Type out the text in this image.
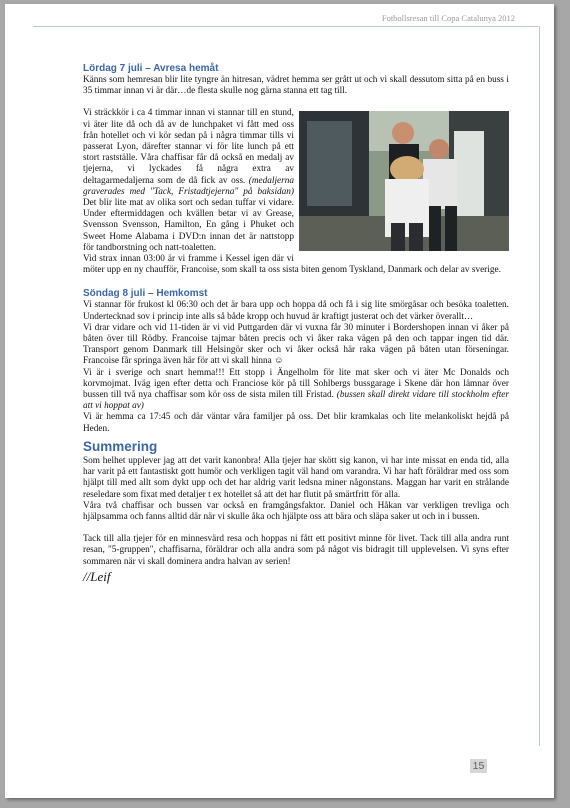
Fotbollsresan till Copa Catalunya 2012
Lördag 7 juli – Avresa hemåt

Känns som hemresan blir lite tyngre än hitresan, vädret hemma ser grått ut och vi skall dessutom sitta på en buss i 35 timmar innan vi är där…de flesta skulle nog gärna stanna ett tag till.

Vi sträckkör i ca 4 timmar innan vi stannar till en stund, vi äter lite då och då av de lunchpaket vi fått med oss från hotellet och vi kör sedan på i några timmar tills vi passerat Lyon, därefter stannar vi för lite lunch på ett stort rastställe. Våra chaffisar får då också en medalj av tjejerna, vi lyckades få några extra av deltagarmedaljerna som de då fick av oss. (medaljerna graverades med "Tack, Fristadtjejerna" på baksidan) Det blir lite mat av olika sort och sedan tuffar vi vidare. Under eftermiddagen och kvällen betar vi av Grease, Svensson Svensson, Hamilton, En gång i Phuket och Sweet Home Alabama i DVD:n innan det är nattstopp för tandborstning och natt-toaletten.

Vid strax innan 03:00 är vi framme i Kessel igen där vi möter upp en ny chaufför, Francoise, som skall ta oss sista biten genom Tyskland, Danmark och delar av sverige.

Söndag 8 juli – Hemkomst

Vi stannar för frukost kl 06:30 och det är bara upp och hoppa då och få i sig lite smörgåsar och besöka toaletten. Undertecknad sov i princip inte alls så både kropp och huvud är kraftigt justerat och det värker överallt…

Vi drar vidare och vid 11-tiden är vi vid Puttgarden där vi vuxna får 30 minuter i Bordershopen innan vi åker på båten över till Rödby. Francoise tajmar båten precis och vi åker raka vägen på den och tappar ingen tid där. Transport genom Danmark till Helsingör sker och vi åker också här raka vägen på båten utan förseningar. Francoise får springa även här för att vi skall hinna ☺

Vi är i sverige och snart hemma!!! Ett stopp i Ängelholm för lite mat sker och vi äter Mc Donalds och korvmojmat. Iväg igen efter detta och Franciose kör på till Sohlbergs bussgarage i Skene där hon lämnar över bussen till två nya chaffisar som kör oss de sista milen till Fristad. (bussen skall direkt vidare till stockholm efter att vi hoppat av)

Vi är hemma ca 17:45 och där väntar våra familjer på oss. Det blir kramkalas och lite melankoliskt hejdå på Heden.

Summering

Som helhet upplever jag att det varit kanonbra! Alla tjejer har skött sig kanon, vi har inte missat en enda tid, alla har varit på ett fantastiskt gott humör och verkligen tagit väl hand om varandra. Vi har haft föräldrar med oss som hjälpt till med allt som dykt upp och det har aldrig varit ledsna miner någonstans. Maggan har varit en strålande reseledare som fixat med detaljer t ex hotellet så att det har flutit på smärtfritt för alla.

Våra två chaffisar och bussen var också en framgångsfaktor. Daniel och Håkan var verkligen trevliga och hjälpsamma och fanns alltid där när vi skulle åka och hjälpte oss att bära och släpa saker ut och in i bussen.

Tack till alla tjejer för en minnesvärd resa och hoppas ni fått ett positivt minne för livet. Tack till alla andra runt resan, "5-gruppen", chaffisarna, föräldrar och alla andra som på något vis bidragit till upplevelsen. Vi syns efter sommaren när vi skall dominera andra halvan av serien!

//Leif
15
